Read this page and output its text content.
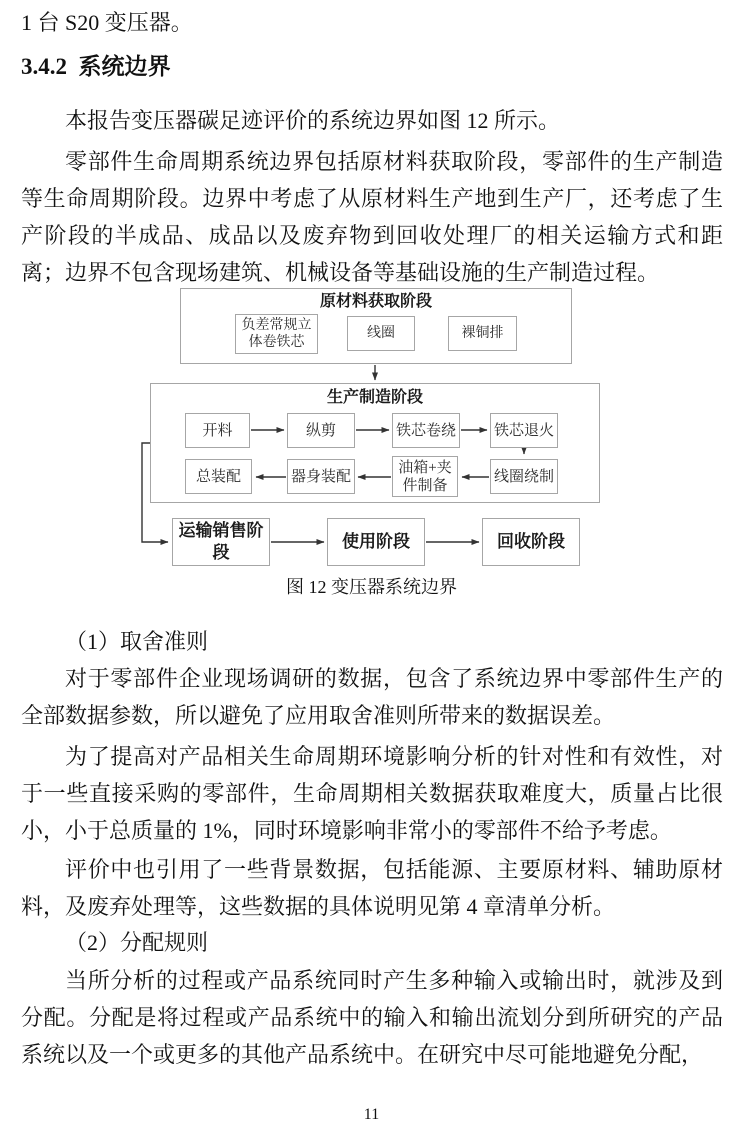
1 台 S20 变压器。
3.4.2  系统边界
本报告变压器碳足迹评价的系统边界如图 12 所示。
零部件生命周期系统边界包括原材料获取阶段，零部件的生产制造等生命周期阶段。边界中考虑了从原材料生产地到生产厂，还考虑了生产阶段的半成品、成品以及废弃物到回收处理厂的相关运输方式和距离；边界不包含现场建筑、机械设备等基础设施的生产制造过程。
原材料获取阶段
负差常规立体卷铁芯
线圈	裸铜排
生产制造阶段
开料	纵剪	铁芯卷绕	铁芯退火
总装配	器身装配
油箱+夹件制备
线圈绕制
运输销售阶段
使用阶段	回收阶段
图 12 变压器系统边界
（1）取舍准则
对于零部件企业现场调研的数据，包含了系统边界中零部件生产的全部数据参数，所以避免了应用取舍准则所带来的数据误差。
为了提高对产品相关生命周期环境影响分析的针对性和有效性，对于一些直接采购的零部件，生命周期相关数据获取难度大，质量占比很小，小于总质量的 1%，同时环境影响非常小的零部件不给予考虑。
评价中也引用了一些背景数据，包括能源、主要原材料、辅助原材料，及废弃处理等，这些数据的具体说明见第 4 章清单分析。
（2）分配规则
当所分析的过程或产品系统同时产生多种输入或输出时，就涉及到分配。分配是将过程或产品系统中的输入和输出流划分到所研究的产品系统以及一个或更多的其他产品系统中。在研究中尽可能地避免分配，
11
